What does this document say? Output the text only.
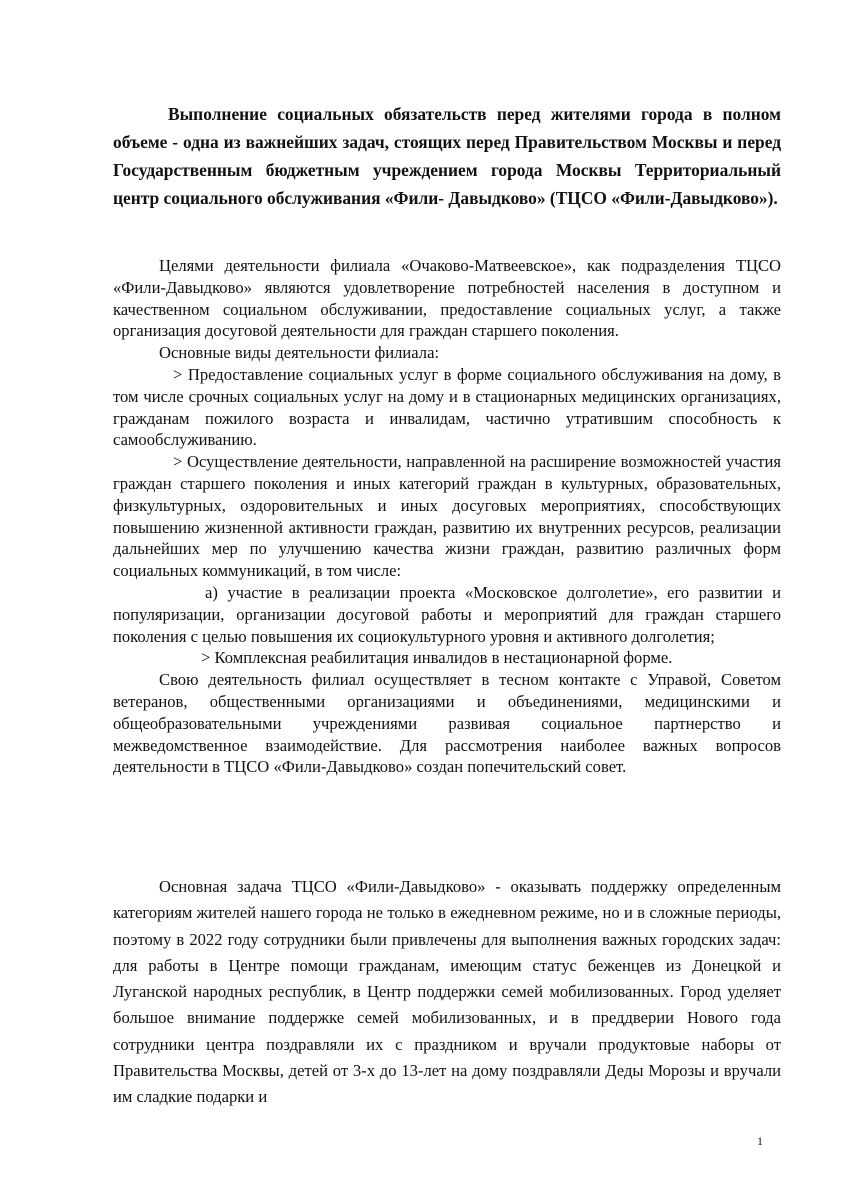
Выполнение социальных обязательств перед жителями города в полном объеме - одна из важнейших задач, стоящих перед Правительством Москвы и перед Государственным бюджетным учреждением города Москвы Территориальный центр социального обслуживания «Фили- Давыдково» (ТЦСО «Фили-Давыдково»).

Целями деятельности филиала «Очаково-Матвеевское», как подразделения ТЦСО «Фили-Давыдково» являются удовлетворение потребностей населения в доступном и качественном социальном обслуживании, предоставление социальных услуг, а также организация досуговой деятельности для граждан старшего поколения.

Основные виды деятельности филиала:

> Предоставление социальных услуг в форме социального обслуживания на дому, в том числе срочных социальных услуг на дому и в стационарных медицинских организациях, гражданам пожилого возраста и инвалидам, частично утратившим способность к самообслуживанию.

> Осуществление деятельности, направленной на расширение возможностей участия граждан старшего поколения и иных категорий граждан в культурных, образовательных, физкультурных, оздоровительных и иных досуговых мероприятиях, способствующих повышению жизненной активности граждан, развитию их внутренних ресурсов, реализации дальнейших мер по улучшению качества жизни граждан, развитию различных форм социальных коммуникаций, в том числе:

а) участие в реализации проекта «Московское долголетие», его развитии и популяризации, организации досуговой работы и мероприятий для граждан старшего поколения с целью повышения их социокультурного уровня и активного долголетия;

> Комплексная реабилитация инвалидов в нестационарной форме.

Свою деятельность филиал осуществляет в тесном контакте с Управой, Советом ветеранов, общественными организациями и объединениями, медицинскими и общеобразовательными учреждениями развивая социальное партнерство и межведомственное взаимодействие. Для рассмотрения наиболее важных вопросов деятельности в ТЦСО «Фили-Давыдково» создан попечительский совет.

Основная задача ТЦСО «Фили-Давыдково» - оказывать поддержку определенным категориям жителей нашего города не только в ежедневном режиме, но и в сложные периоды, поэтому в 2022 году сотрудники были привлечены для выполнения важных городских задач: для работы в Центре помощи гражданам, имеющим статус беженцев из Донецкой и Луганской народных республик, в Центр поддержки семей мобилизованных. Город уделяет большое внимание поддержке семей мобилизованных, и в преддверии Нового года сотрудники центра поздравляли их с праздником и вручали продуктовые наборы от Правительства Москвы, детей от 3-х до 13-лет на дому поздравляли Деды Морозы и вручали им сладкие подарки и

1
